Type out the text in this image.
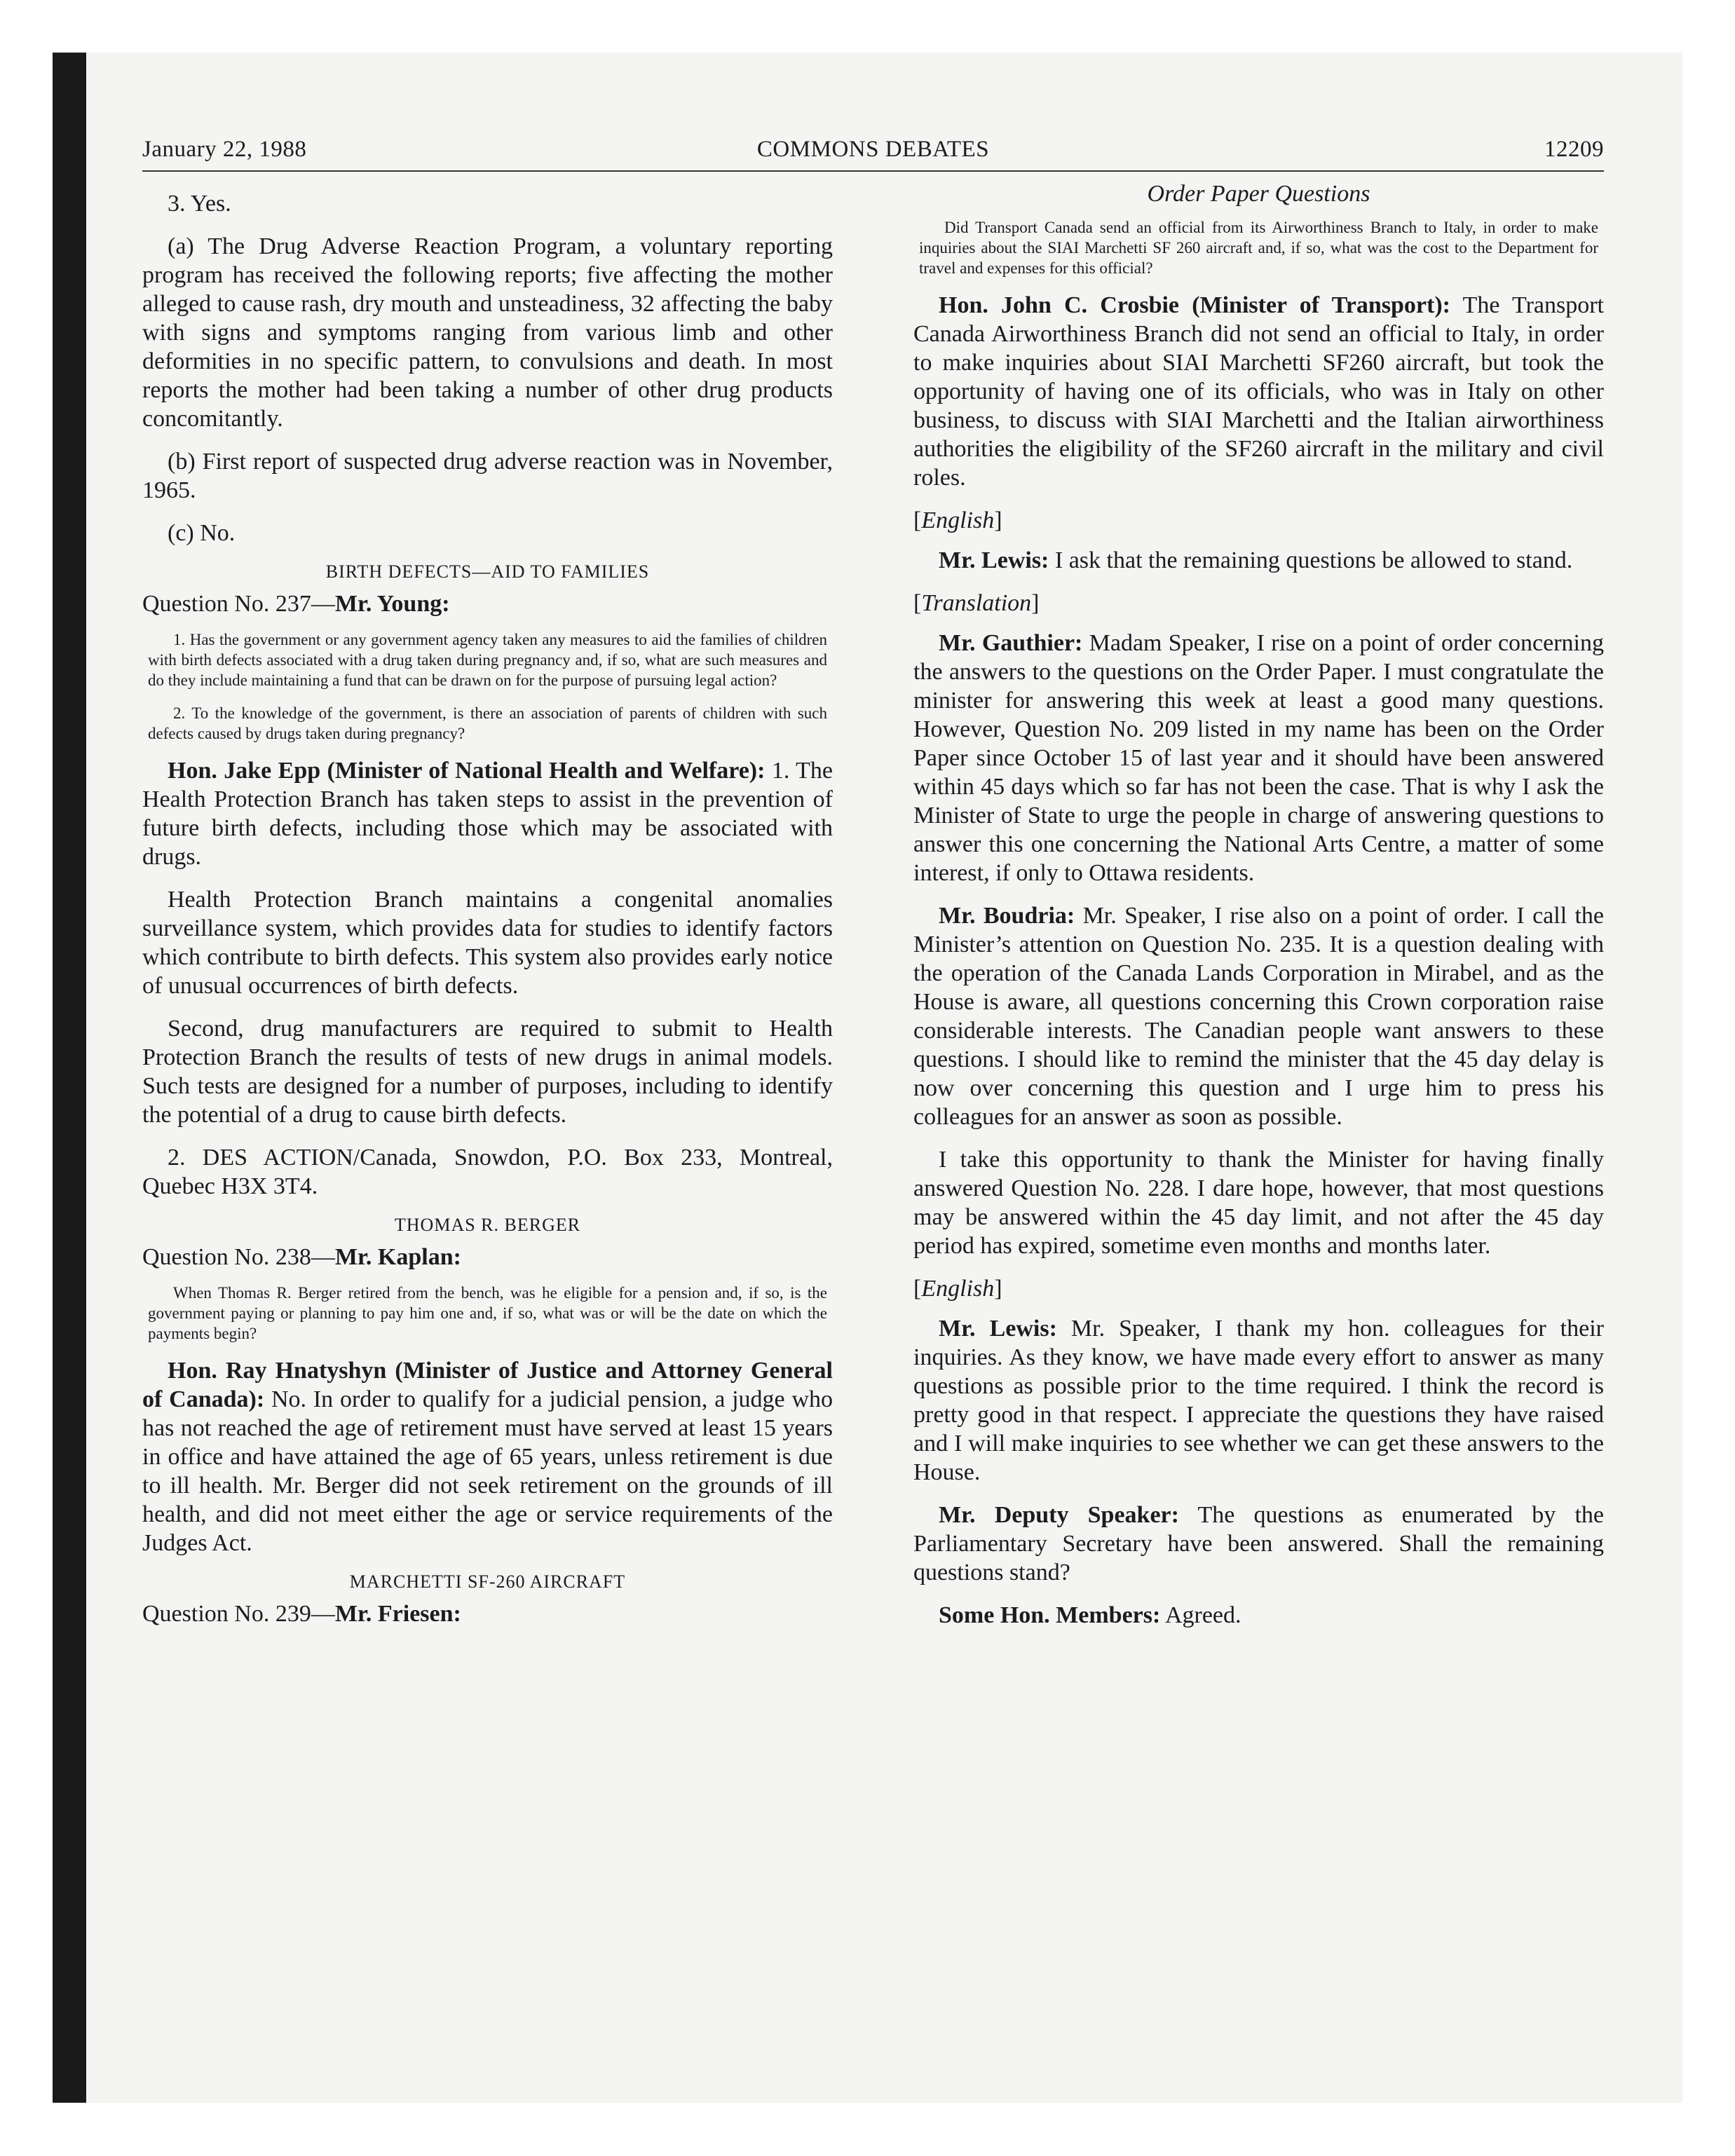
January 22, 1988	COMMONS DEBATES	12209

3. Yes.

(a) The Drug Adverse Reaction Program, a voluntary reporting program has received the following reports; five affecting the mother alleged to cause rash, dry mouth and unsteadiness, 32 affecting the baby with signs and symptoms ranging from various limb and other deformities in no specific pattern, to convulsions and death. In most reports the mother had been taking a number of other drug products concomitantly.

(b) First report of suspected drug adverse reaction was in November, 1965.

(c) No.

BIRTH DEFECTS—AID TO FAMILIES

Question No. 237—Mr. Young:

1. Has the government or any government agency taken any measures to aid the families of children with birth defects associated with a drug taken during pregnancy and, if so, what are such measures and do they include maintaining a fund that can be drawn on for the purpose of pursuing legal action?

2. To the knowledge of the government, is there an association of parents of children with such defects caused by drugs taken during pregnancy?

Hon. Jake Epp (Minister of National Health and Welfare): 1. The Health Protection Branch has taken steps to assist in the prevention of future birth defects, including those which may be associated with drugs.

Health Protection Branch maintains a congenital anomalies surveillance system, which provides data for studies to identify factors which contribute to birth defects. This system also provides early notice of unusual occurrences of birth defects.

Second, drug manufacturers are required to submit to Health Protection Branch the results of tests of new drugs in animal models. Such tests are designed for a number of purposes, including to identify the potential of a drug to cause birth defects.

2. DES ACTION/Canada, Snowdon, P.O. Box 233, Montreal, Quebec H3X 3T4.

THOMAS R. BERGER

Question No. 238—Mr. Kaplan:

When Thomas R. Berger retired from the bench, was he eligible for a pension and, if so, is the government paying or planning to pay him one and, if so, what was or will be the date on which the payments begin?

Hon. Ray Hnatyshyn (Minister of Justice and Attorney General of Canada): No. In order to qualify for a judicial pension, a judge who has not reached the age of retirement must have served at least 15 years in office and have attained the age of 65 years, unless retirement is due to ill health. Mr. Berger did not seek retirement on the grounds of ill health, and did not meet either the age or service requirements of the Judges Act.

MARCHETTI SF-260 AIRCRAFT

Question No. 239—Mr. Friesen:

Order Paper Questions

Did Transport Canada send an official from its Airworthiness Branch to Italy, in order to make inquiries about the SIAI Marchetti SF 260 aircraft and, if so, what was the cost to the Department for travel and expenses for this official?

Hon. John C. Crosbie (Minister of Transport): The Transport Canada Airworthiness Branch did not send an official to Italy, in order to make inquiries about SIAI Marchetti SF260 aircraft, but took the opportunity of having one of its officials, who was in Italy on other business, to discuss with SIAI Marchetti and the Italian airworthiness authorities the eligibility of the SF260 aircraft in the military and civil roles.

[English]

Mr. Lewis: I ask that the remaining questions be allowed to stand.

[Translation]

Mr. Gauthier: Madam Speaker, I rise on a point of order concerning the answers to the questions on the Order Paper. I must congratulate the minister for answering this week at least a good many questions. However, Question No. 209 listed in my name has been on the Order Paper since October 15 of last year and it should have been answered within 45 days which so far has not been the case. That is why I ask the Minister of State to urge the people in charge of answering questions to answer this one concerning the National Arts Centre, a matter of some interest, if only to Ottawa residents.

Mr. Boudria: Mr. Speaker, I rise also on a point of order. I call the Minister’s attention on Question No. 235. It is a question dealing with the operation of the Canada Lands Corporation in Mirabel, and as the House is aware, all questions concerning this Crown corporation raise considerable interests. The Canadian people want answers to these questions. I should like to remind the minister that the 45 day delay is now over concerning this question and I urge him to press his colleagues for an answer as soon as possible.

I take this opportunity to thank the Minister for having finally answered Question No. 228. I dare hope, however, that most questions may be answered within the 45 day limit, and not after the 45 day period has expired, sometime even months and months later.

[English]

Mr. Lewis: Mr. Speaker, I thank my hon. colleagues for their inquiries. As they know, we have made every effort to answer as many questions as possible prior to the time required. I think the record is pretty good in that respect. I appreciate the questions they have raised and I will make inquiries to see whether we can get these answers to the House.

Mr. Deputy Speaker: The questions as enumerated by the Parliamentary Secretary have been answered. Shall the remaining questions stand?

Some Hon. Members: Agreed.
